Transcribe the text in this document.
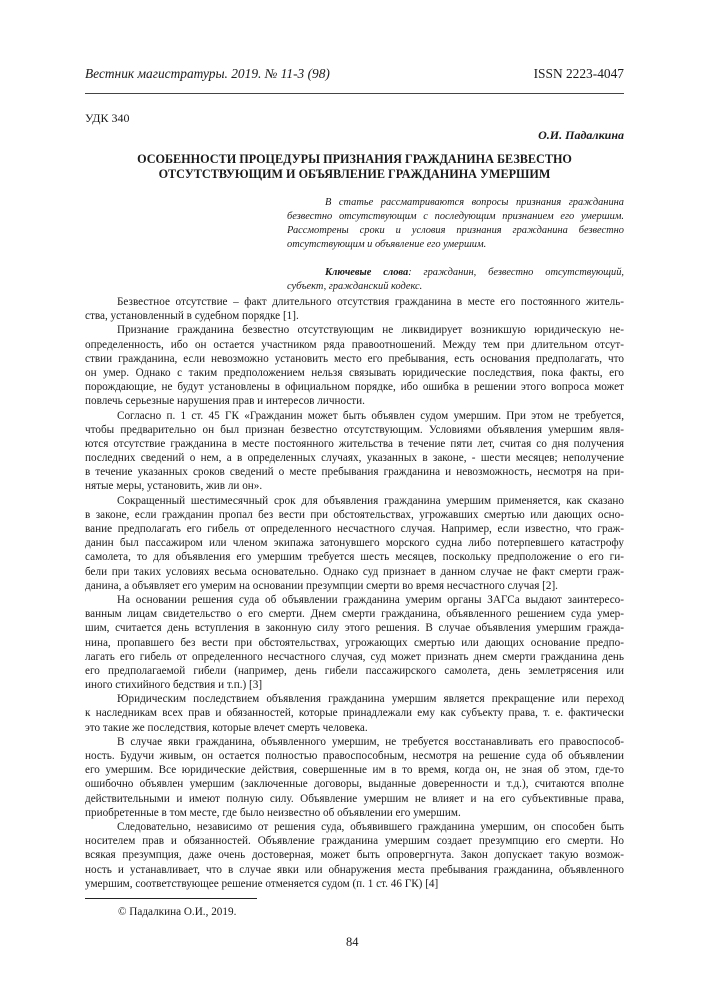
Вестник магистратуры. 2019. № 11-3 (98)	ISSN 2223-4047
УДК 340
О.И. Падалкина
ОСОБЕННОСТИ ПРОЦЕДУРЫ ПРИЗНАНИЯ ГРАЖДАНИНА БЕЗВЕСТНО ОТСУТСТВУЮЩИМ И ОБЪЯВЛЕНИЕ ГРАЖДАНИНА УМЕРШИМ

В статье рассматриваются вопросы признания гражданина безвестно отсутствующим с последующим признанием его умершим. Рассмотрены сроки и условия признания гражданина безвестно отсутствующим и объявление его умершим.

Ключевые слова: гражданин, безвестно отсутствующий, субъект, гражданский кодекс.

Безвестное отсутствие – факт длительного отсутствия гражданина в месте его постоянного житель-
ства, установленный в судебном порядке [1].
Признание гражданина безвестно отсутствующим не ликвидирует возникшую юридическую не-
определенность, ибо он остается участником ряда правоотношений. Между тем при длительном отсут-
ствии гражданина, если невозможно установить место его пребывания, есть основания предполагать, что
он умер. Однако с таким предположением нельзя связывать юридические последствия, пока факты, его
порождающие, не будут установлены в официальном порядке, ибо ошибка в решении этого вопроса может
повлечь серьезные нарушения прав и интересов личности.
Согласно п. 1 ст. 45 ГК «Гражданин может быть объявлен судом умершим. При этом не требуется,
чтобы предварительно он был признан безвестно отсутствующим. Условиями объявления умершим явля-
ются отсутствие гражданина в месте постоянного жительства в течение пяти лет, считая со дня получения
последних сведений о нем, а в определенных случаях, указанных в законе, - шести месяцев; неполучение
в течение указанных сроков сведений о месте пребывания гражданина и невозможность, несмотря на при-
нятые меры, установить, жив ли он».
Сокращенный шестимесячный срок для объявления гражданина умершим применяется, как сказано
в законе, если гражданин пропал без вести при обстоятельствах, угрожавших смертью или дающих осно-
вание предполагать его гибель от определенного несчастного случая. Например, если известно, что граж-
данин был пассажиром или членом экипажа затонувшего морского судна либо потерпевшего катастрофу
самолета, то для объявления его умершим требуется шесть месяцев, поскольку предположение о его ги-
бели при таких условиях весьма основательно. Однако суд признает в данном случае не факт смерти граж-
данина, а объявляет его умерим на основании презумпции смерти во время несчастного случая [2].
На основании решения суда об объявлении гражданина умерим органы ЗАГСа выдают заинтересо-
ванным лицам свидетельство о его смерти. Днем смерти гражданина, объявленного решением суда умер-
шим, считается день вступления в законную силу этого решения. В случае объявления умершим гражда-
нина, пропавшего без вести при обстоятельствах, угрожающих смертью или дающих основание предпо-
лагать его гибель от определенного несчастного случая, суд может признать днем смерти гражданина день
его предполагаемой гибели (например, день гибели пассажирского самолета, день землетрясения или
иного стихийного бедствия и т.п.) [3]
Юридическим последствием объявления гражданина умершим является прекращение или переход
к наследникам всех прав и обязанностей, которые принадлежали ему как субъекту права, т. е. фактически
это такие же последствия, которые влечет смерть человека.
В случае явки гражданина, объявленного умершим, не требуется восстанавливать его правоспособ-
ность. Будучи живым, он остается полностью правоспособным, несмотря на решение суда об объявлении
его умершим. Все юридические действия, совершенные им в то время, когда он, не зная об этом, где-то
ошибочно объявлен умершим (заключенные договоры, выданные доверенности и т.д.), считаются вполне
действительными и имеют полную силу. Объявление умершим не влияет и на его субъективные права,
приобретенные в том месте, где было неизвестно об объявлении его умершим.
Следовательно, независимо от решения суда, объявившего гражданина умершим, он способен быть
носителем прав и обязанностей. Объявление гражданина умершим создает презумпцию его смерти. Но
всякая презумпция, даже очень достоверная, может быть опровергнута. Закон допускает такую возмож-
ность и устанавливает, что в случае явки или обнаружения места пребывания гражданина, объявленного
умершим, соответствующее решение отменяется судом (п. 1 ст. 46 ГК) [4]
© Падалкина О.И., 2019.
84
